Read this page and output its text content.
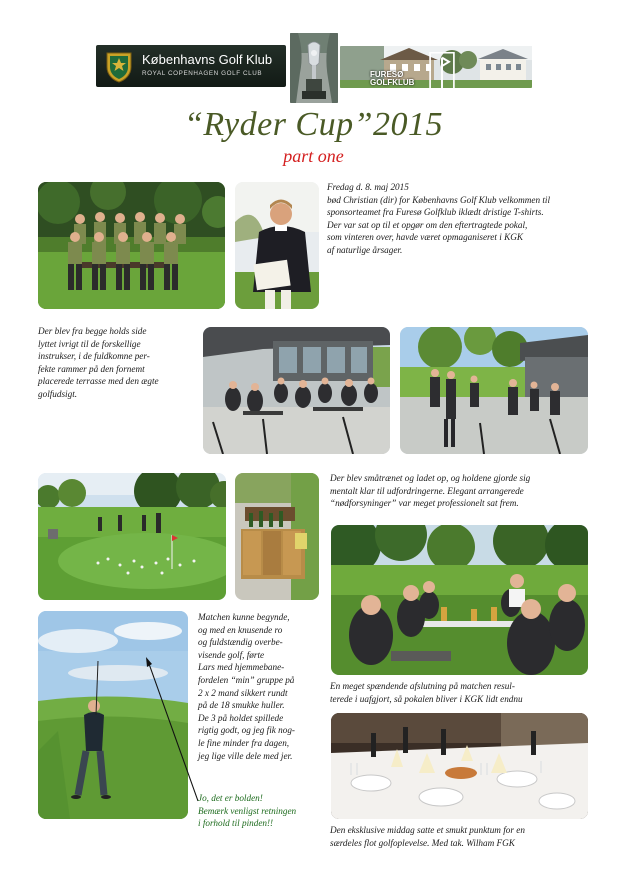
Københavns Golf Klub
ROYAL COPENHAGEN GOLF CLUB	FURESØ
GOLFKLUB
“Ryder Cup”2015
part one
Fredag d. 8. maj 2015
bød Christian (dir) for Københavns Golf Klub velkommen til
sponsorteamet fra Furesø Golfklub iklædt dristige T-shirts.
Der var sat op til et opgør om den eftertragtede pokal,
som vinteren over, havde været opmaganiseret i KGK
af naturlige årsager.
Der blev fra begge holds side
lyttet ivrigt til de forskellige
instrukser, i de fuldkomne per-
fekte rammer på den fornemt
placerede terrasse med den ægte
golfudsigt.
Der blev småtrænet og ladet op, og holdene gjorde sig
mentalt klar til udfordringerne. Elegant arrangerede
“nødforsyninger” var meget professionelt sat frem.
Matchen kunne begynde,
og med en knusende ro
og fuldstændig overbe-
visende golf, førte
Lars med hjemmebane-
fordelen “min” gruppe på
2 x 2 mand sikkert rundt
på de 18 smukke huller.
De 3 på holdet spillede
rigtig godt, og jeg fik nog-
le fine minder fra dagen,
jeg lige ville dele med jer.
Jo, det er bolden!
Bemærk venligst retningen
i forhold til pinden!!
En meget spændende afslutning på matchen resul-
terede i uafgjort, så pokalen bliver i KGK lidt endnu
Den eksklusive middag satte et smukt punktum for en
særdeles flot golfoplevelse. Med tak. Wilham FGK
